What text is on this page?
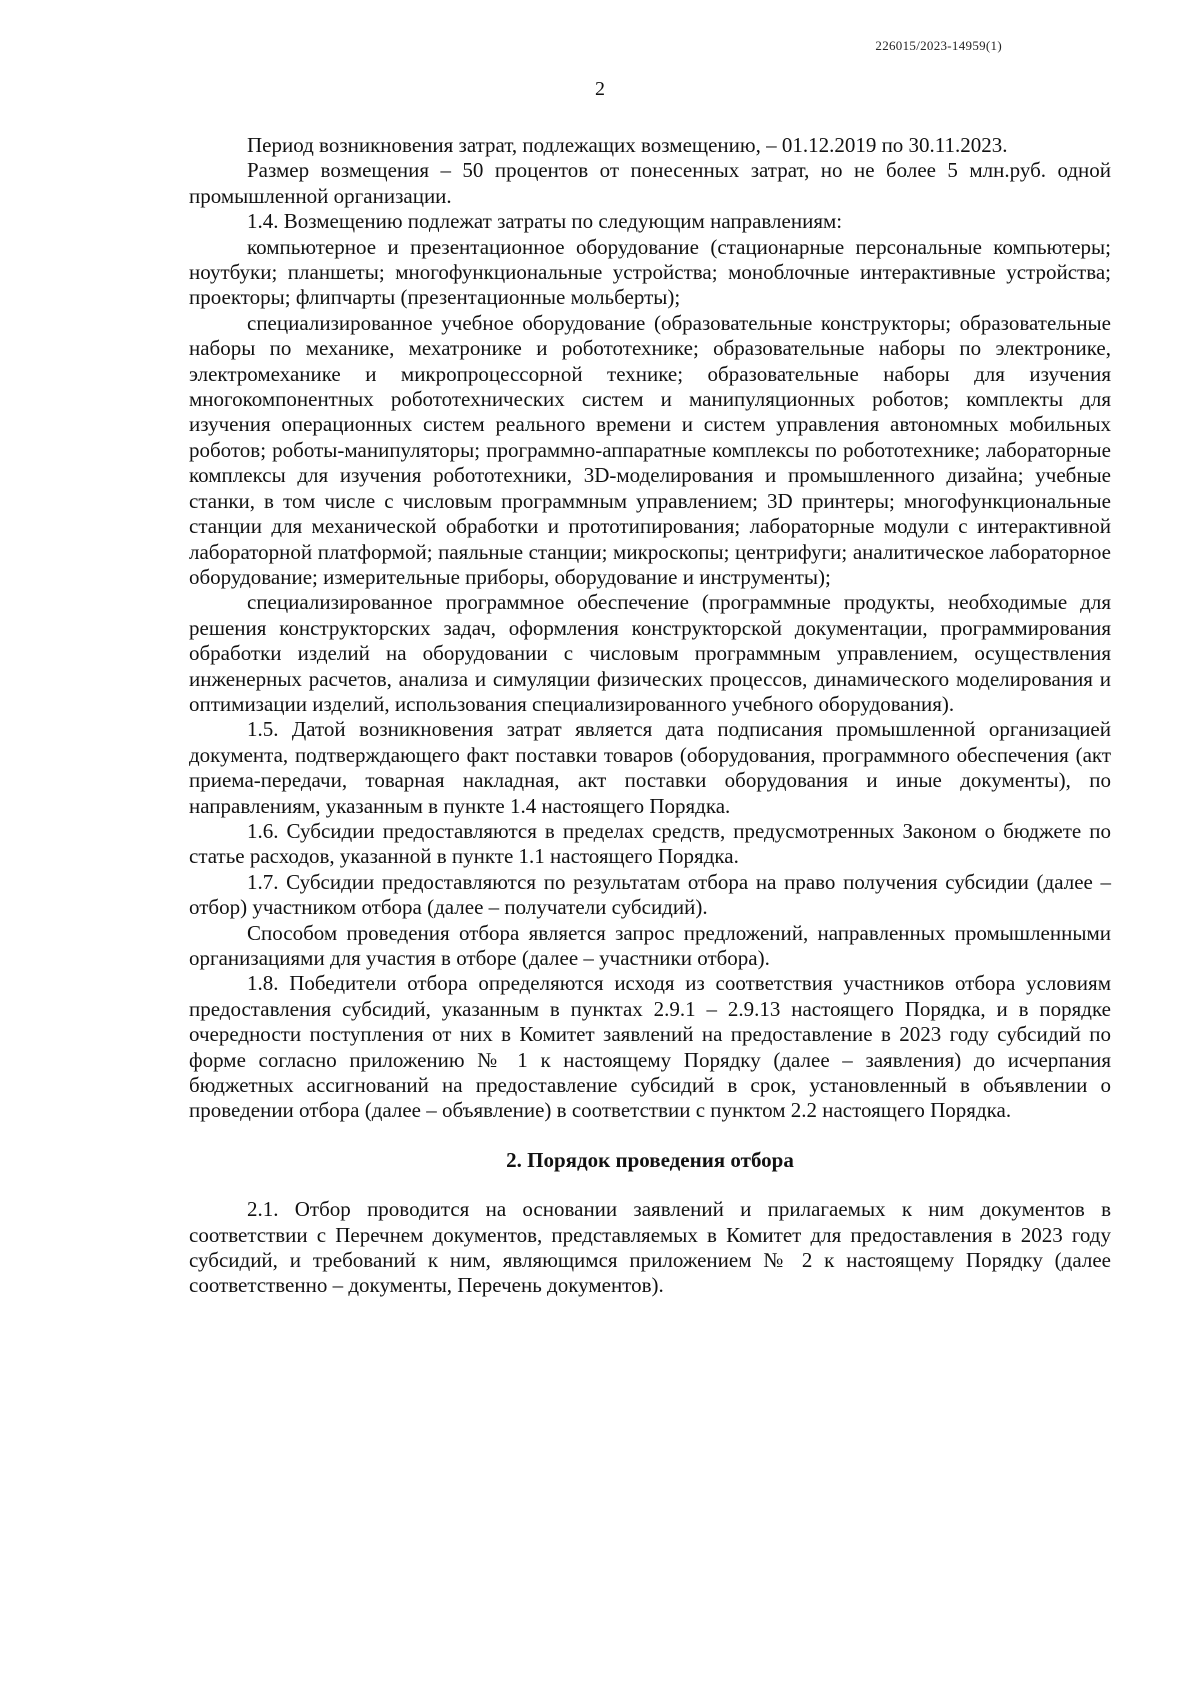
226015/2023-14959(1)
2

Период возникновения затрат, подлежащих возмещению, – 01.12.2019 по 30.11.2023.

Размер возмещения – 50 процентов от понесенных затрат, но не более 5 млн.руб. одной промышленной организации.

1.4. Возмещению подлежат затраты по следующим направлениям:

компьютерное и презентационное оборудование (стационарные персональные компьютеры; ноутбуки; планшеты; многофункциональные устройства; моноблочные интерактивные устройства; проекторы; флипчарты (презентационные мольберты);

специализированное учебное оборудование (образовательные конструкторы; образовательные наборы по механике, мехатронике и робототехнике; образовательные наборы по электронике, электромеханике и микропроцессорной технике; образовательные наборы для изучения многокомпонентных робототехнических систем и манипуляционных роботов; комплекты для изучения операционных систем реального времени и систем управления автономных мобильных роботов; роботы-манипуляторы; программно-аппаратные комплексы по робототехнике; лабораторные комплексы для изучения робототехники, 3D-моделирования и промышленного дизайна; учебные станки, в том числе с числовым программным управлением; 3D принтеры; многофункциональные станции для механической обработки и прототипирования; лабораторные модули с интерактивной лабораторной платформой; паяльные станции; микроскопы; центрифуги; аналитическое лабораторное оборудование; измерительные приборы, оборудование и инструменты);

специализированное программное обеспечение (программные продукты, необходимые для решения конструкторских задач, оформления конструкторской документации, программирования обработки изделий на оборудовании с числовым программным управлением, осуществления инженерных расчетов, анализа и симуляции физических процессов, динамического моделирования и оптимизации изделий, использования специализированного учебного оборудования).

1.5. Датой возникновения затрат является дата подписания промышленной организацией документа, подтверждающего факт поставки товаров (оборудования, программного обеспечения (акт приема-передачи, товарная накладная, акт поставки оборудования и иные документы), по направлениям, указанным в пункте 1.4 настоящего Порядка.

1.6. Субсидии предоставляются в пределах средств, предусмотренных Законом о бюджете по статье расходов, указанной в пункте 1.1 настоящего Порядка.

1.7. Субсидии предоставляются по результатам отбора на право получения субсидии (далее – отбор) участником отбора (далее – получатели субсидий).

Способом проведения отбора является запрос предложений, направленных промышленными организациями для участия в отборе (далее – участники отбора).

1.8. Победители отбора определяются исходя из соответствия участников отбора условиям предоставления субсидий, указанным в пунктах 2.9.1 – 2.9.13 настоящего Порядка, и в порядке очередности поступления от них в Комитет заявлений на предоставление в 2023 году субсидий по форме согласно приложению № 1 к настоящему Порядку (далее – заявления) до исчерпания бюджетных ассигнований на предоставление субсидий в срок, установленный в объявлении о проведении отбора (далее – объявление) в соответствии с пунктом 2.2 настоящего Порядка.

2. Порядок проведения отбора

2.1. Отбор проводится на основании заявлений и прилагаемых к ним документов в соответствии с Перечнем документов, представляемых в Комитет для предоставления в 2023 году субсидий, и требований к ним, являющимся приложением № 2 к настоящему Порядку (далее соответственно – документы, Перечень документов).
